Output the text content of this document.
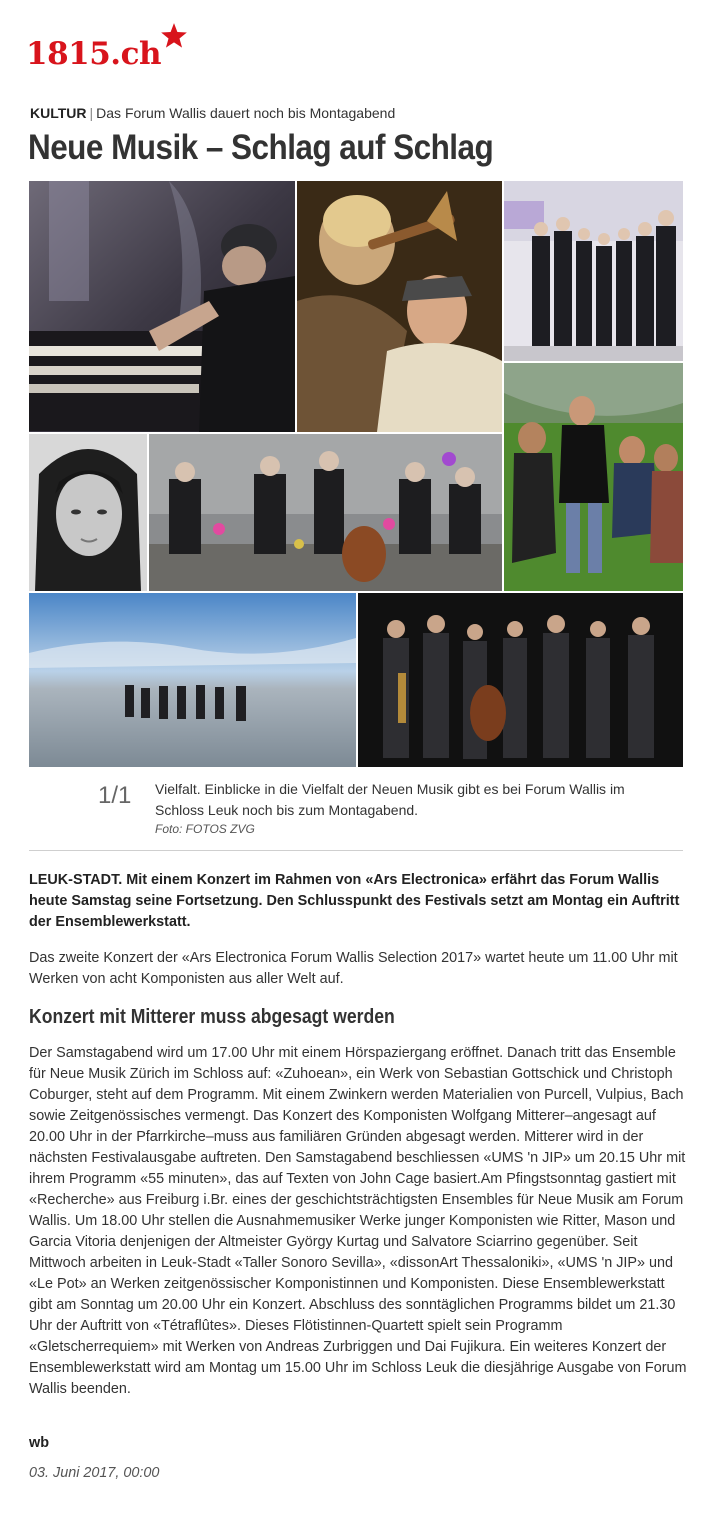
1815.ch
KULTUR | Das Forum Wallis dauert noch bis Montagabend
Neue Musik – Schlag auf Schlag
1/1 Vielfalt. Einblicke in die Vielfalt der Neuen Musik gibt es bei Forum Wallis im Schloss Leuk noch bis zum Montagabend.
Foto: FOTOS ZVG

LEUK-STADT. Mit einem Konzert im Rahmen von «Ars Electronica» erfährt das Forum Wallis heute Samstag seine Fortsetzung. Den Schlusspunkt des Festivals setzt am Montag ein Auftritt der Ensemblewerkstatt.

Das zweite Konzert der «Ars Electronica Forum Wallis Selection 2017» wartet heute um 11.00 Uhr mit Werken von acht Komponisten aus aller Welt auf.

Konzert mit Mitterer muss abgesagt werden

Der Samstagabend wird um 17.00 Uhr mit einem Hörspaziergang eröffnet. Danach tritt das Ensemble für Neue Musik Zürich im Schloss auf: «Zuhoean», ein Werk von Sebastian Gottschick und Christoph Coburger, steht auf dem Programm. Mit einem Zwinkern werden Materialien von Purcell, Vulpius, Bach sowie Zeitgenössisches vermengt. Das Konzert des Komponisten Wolfgang Mitterer–angesagt auf 20.00 Uhr in der Pfarrkirche–muss aus familiären Gründen abgesagt werden. Mitterer wird in der nächsten Festivalausgabe auftreten. Den Samstagabend beschliessen «UMS 'n JIP» um 20.15 Uhr mit ihrem Programm «55 minuten», das auf Texten von John Cage basiert.Am Pfingstsonntag gastiert mit «Recherche» aus Freiburg i.Br. eines der geschichtsträchtigsten Ensembles für Neue Musik am Forum Wallis. Um 18.00 Uhr stellen die Ausnahmemusiker Werke junger Komponisten wie Ritter, Mason und Garcia Vitoria denjenigen der Altmeister György Kurtag und Salvatore Sciarrino gegenüber. Seit Mittwoch arbeiten in Leuk-Stadt «Taller Sonoro Sevilla», «dissonArt Thessaloniki», «UMS 'n JIP» und «Le Pot» an Werken zeitgenössischer Komponistinnen und Komponisten. Diese Ensemblewerkstatt gibt am Sonntag um 20.00 Uhr ein Konzert. Abschluss des sonntäglichen Programms bildet um 21.30 Uhr der Auftritt von «Tétraflûtes». Dieses Flötistinnen-Quartett spielt sein Programm «Gletscherrequiem» mit Werken von Andreas Zurbriggen und Dai Fujikura. Ein weiteres Konzert der Ensemblewerkstatt wird am Montag um 15.00 Uhr im Schloss Leuk die diesjährige Ausgabe von Forum Wallis beenden.

wb
03. Juni 2017, 00:00
